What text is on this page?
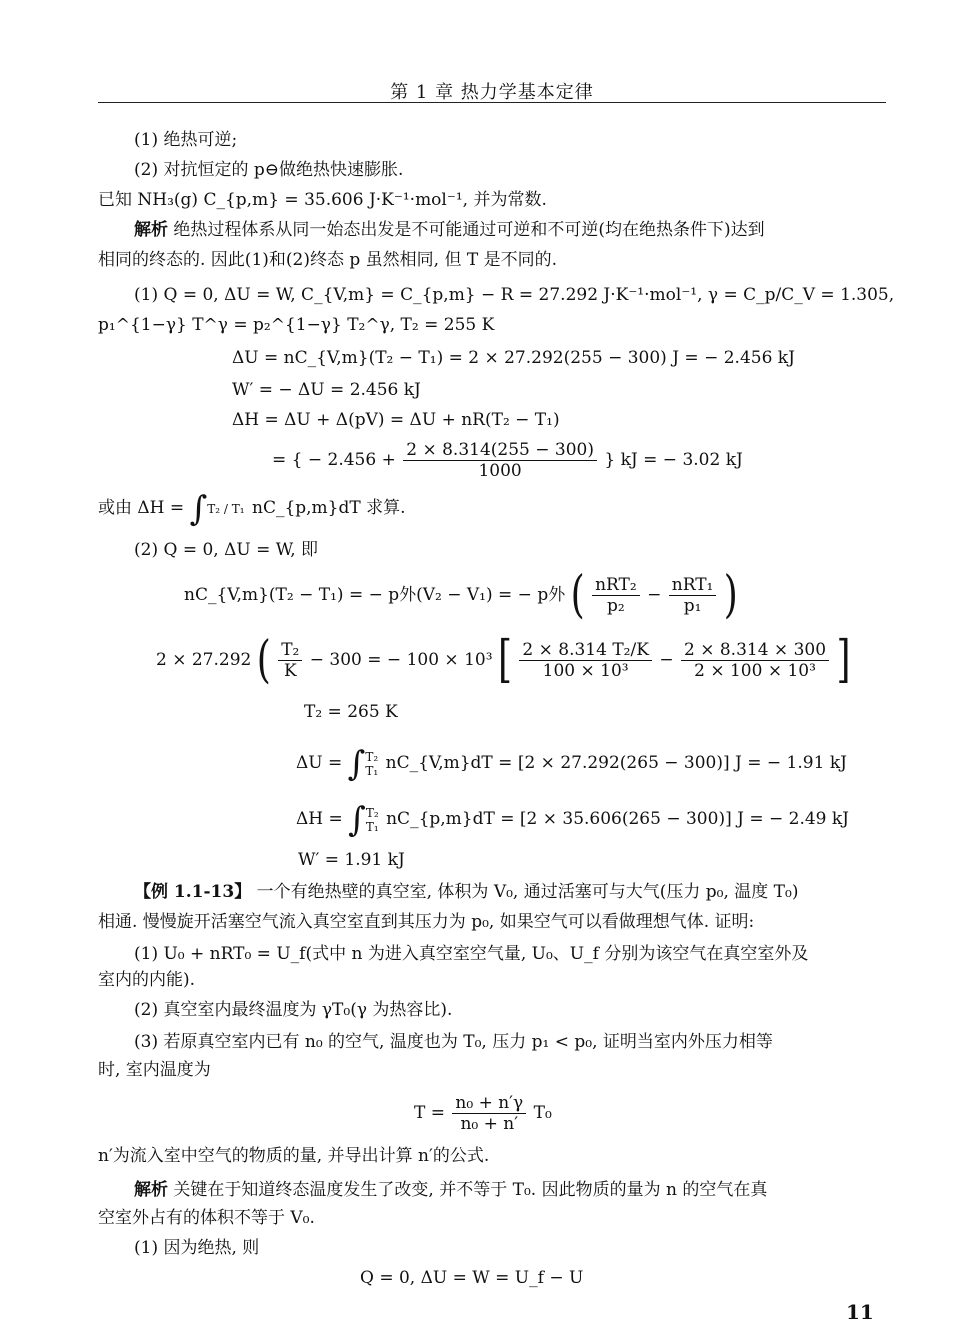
第 1 章 热力学基本定律
(1) 绝热可逆;
(2) 对抗恒定的 p⊖做绝热快速膨胀.
已知 NH₃(g) C_{p,m} = 35.606 J·K⁻¹·mol⁻¹, 并为常数.
解析 绝热过程体系从同一始态出发是不可能通过可逆和不可逆(均在绝热条件下)达到
相同的终态的. 因此(1)和(2)终态 p 虽然相同, 但 T 是不同的.
(1) Q = 0, ΔU = W, C_{V,m} = C_{p,m} − R = 27.292 J·K⁻¹·mol⁻¹, γ = C_p/C_V = 1.305,
p₁^{1−γ} T^γ = p₂^{1−γ} T₂^γ, T₂ = 255 K
ΔU = nC_{V,m}(T₂ − T₁) = 2 × 27.292(255 − 300) J = − 2.456 kJ
W′ = − ΔU = 2.456 kJ
ΔH = ΔU + Δ(pV) = ΔU + nR(T₂ − T₁)
= { − $2.456 + \frac{2 \times 8.314(255 - 300)}{1000}$ } kJ = − 3.02 kJ
或由 ΔH = ∫T₂ / T₁ nC_{p,m}dT 求算.
(2) Q = 0, ΔU = W, 即
nC_{V,m}(T₂ − T₁) = − p外(V₂ − V₁) = − p外 ( $\frac{\text{nRT₂}}{\text{p₂}} - \frac{\text{nRT₁}}{\text{p₁}}$ )
2 × 27.292 ( $\frac{\text{T₂}}{K} - 300$ = − 100 × 10³ [ $\frac{\text{2 × 8.314 T₂/K}}{\text{100 × 10³}} - \frac{2 \times 8.314 \times 300}{\text{2 × 100 × 10³}}$ ]
T₂ = 265 K
ΔU = ∫T₂
T₁ nC_{V,m}dT = [2 × 27.292(265 − 300)] J = − 1.91 kJ
ΔH = ∫T₂
T₁ nC_{p,m}dT = [2 × 35.606(265 − 300)] J = − 2.49 kJ
W′ = 1.91 kJ
【例 1.1-13】 一个有绝热壁的真空室, 体积为 V₀, 通过活塞可与大气(压力 p₀, 温度 T₀)
相通. 慢慢旋开活塞空气流入真空室直到其压力为 p₀, 如果空气可以看做理想气体. 证明:
(1) U₀ + nRT₀ = U_f(式中 n 为进入真空室空气量, U₀、U_f 分别为该空气在真空室外及
室内的内能).
(2) 真空室内最终温度为 γT₀(γ 为热容比).
(3) 若原真空室内已有 n₀ 的空气, 温度也为 T₀, 压力 p₁ < p₀, 证明当室内外压力相等
时, 室内温度为
$T = \frac{\text{n₀ + n′γ}}{\text{n₀ + n′}} T_0$
n′为流入室中空气的物质的量, 并导出计算 n′的公式.
解析 关键在于知道终态温度发生了改变, 并不等于 T₀. 因此物质的量为 n 的空气在真
空室外占有的体积不等于 V₀.
(1) 因为绝热, 则
Q = 0, ΔU = W = U_f − U
11
